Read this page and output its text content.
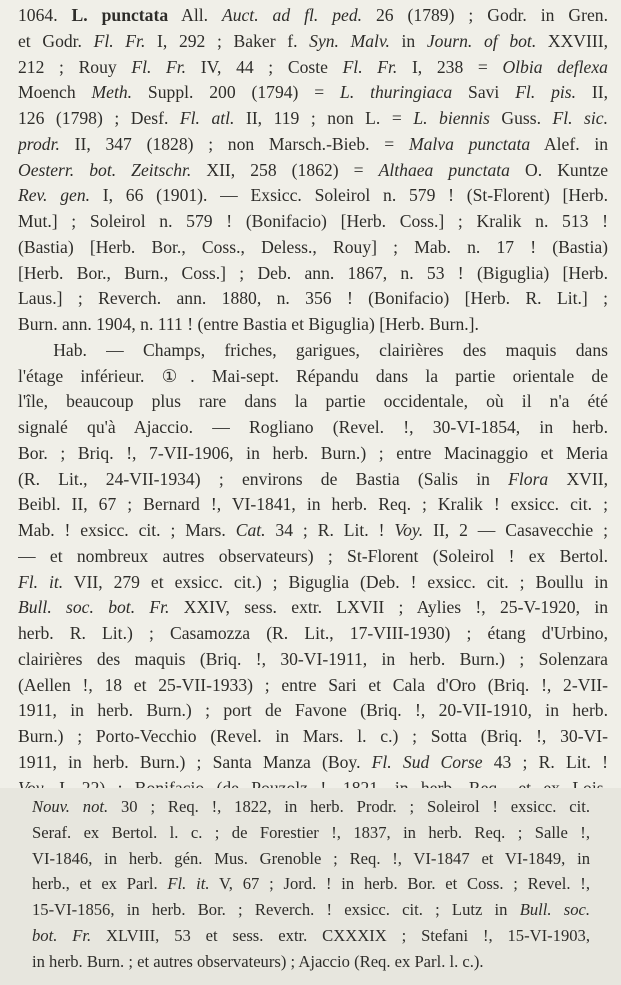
1064. L. punctata All. Auct. ad fl. ped. 26 (1789) ; Godr. in Gren.
et Godr. Fl. Fr. I, 292 ; Baker f. Syn. Malv. in Journ. of bot. XXVIII,
212 ; Rouy Fl. Fr. IV, 44 ; Coste Fl. Fr. I, 238 = Olbia deflexa
Moench Meth. Suppl. 200 (1794) = L. thuringiaca Savi Fl. pis. II,
126 (1798) ; Desf. Fl. atl. II, 119 ; non L. = L. biennis Guss. Fl. sic.
prodr. II, 347 (1828) ; non Marsch.-Bieb. = Malva punctata Alef. in
Oesterr. bot. Zeitschr. XII, 258 (1862) = Althaea punctata O. Kuntze
Rev. gen. I, 66 (1901). — Exsicc. Soleirol n. 579 ! (St-Florent) [Herb.
Mut.] ; Soleirol n. 579 ! (Bonifacio) [Herb. Coss.] ; Kralik n. 513 !
(Bastia) [Herb. Bor., Coss., Deless., Rouy] ; Mab. n. 17 ! (Bastia)
[Herb. Bor., Burn., Coss.] ; Deb. ann. 1867, n. 53 ! (Biguglia) [Herb.
Laus.] ; Reverch. ann. 1880, n. 356 ! (Bonifacio) [Herb. R. Lit.] ;
Burn. ann. 1904, n. 111 ! (entre Bastia et Biguglia) [Herb. Burn.].
  Hab. — Champs, friches, garigues, clairières des maquis dans
l'étage inférieur. ①. Mai-sept. Répandu dans la partie orientale de
l'île, beaucoup plus rare dans la partie occidentale, où il n'a été
signalé qu'à Ajaccio. — Rogliano (Revel. !, 30-VI-1854, in herb.
Bor. ; Briq. !, 7-VII-1906, in herb. Burn.) ; entre Macinaggio et Meria
(R. Lit., 24-VII-1934) ; environs de Bastia (Salis in Flora XVII,
Beibl. II, 67 ; Bernard !, VI-1841, in herb. Req. ; Kralik ! exsicc. cit. ;
Mab. ! exsicc. cit. ; Mars. Cat. 34 ; R. Lit. ! Voy. II, 2 — Casavecchie ;
— et nombreux autres observateurs) ; St-Florent (Soleirol ! ex Bertol.
Fl. it. VII, 279 et exsicc. cit.) ; Biguglia (Deb. ! exsicc. cit. ; Boullu in
Bull. soc. bot. Fr. XXIV, sess. extr. LXVII ; Aylies !, 25-V-1920, in
herb. R. Lit.) ; Casamozza (R. Lit., 17-VIII-1930) ; étang d'Urbino,
clairières des maquis (Briq. !, 30-VI-1911, in herb. Burn.) ; Solenzara
(Aellen !, 18 et 25-VII-1933) ; entre Sari et Cala d'Oro (Briq. !, 2-VII-
1911, in herb. Burn.) ; port de Favone (Briq. !, 20-VII-1910, in herb.
Burn.) ; Porto-Vecchio (Revel. in Mars. l. c.) ; Sotta (Briq. !, 30-VI-
1911, in herb. Burn.) ; Santa Manza (Boy. Fl. Sud Corse 43 ; R. Lit. !
Nouv. not. 30 ; Req. !, 1822, in herb. Prodr. ; Soleirol ! exsicc. cit.
Seraf. ex Bertol. l. c. ; de Forestier !, 1837, in herb. Req. ; Salle !,
VI-1846, in herb. gén. Mus. Grenoble ; Req. !, VI-1847 et VI-1849, in
herb., et ex Parl. Fl. it. V, 67 ; Jord. ! in herb. Bor. et Coss. ; Revel. !,
15-VI-1856, in herb. Bor. ; Reverch. ! exsicc. cit. ; Lutz in Bull. soc.
bot. Fr. XLVIII, 53 et sess. extr. CXXXIX ; Stefani !, 15-VI-1903,
in herb. Burn. ; et autres observateurs) ; Ajaccio (Req. ex Parl. l. c.).
